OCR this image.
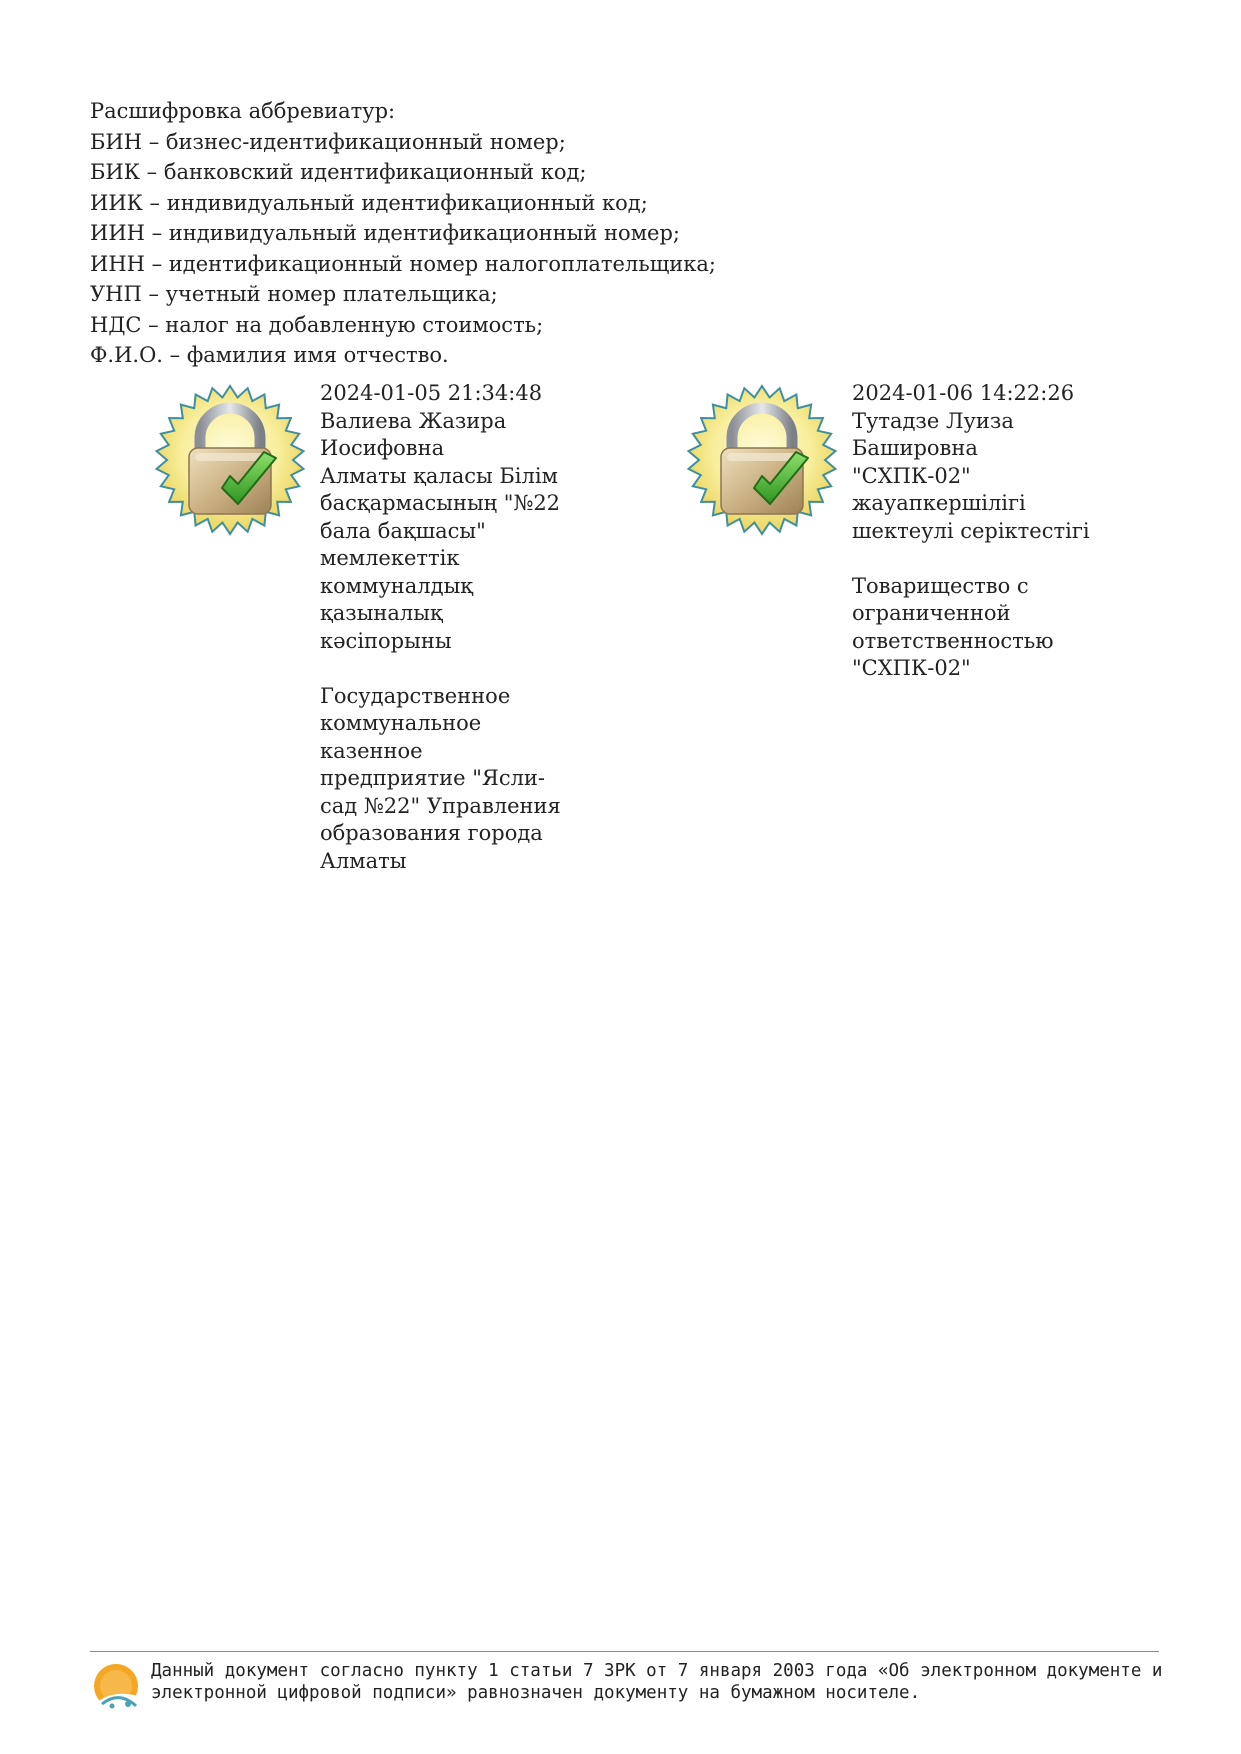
Расшифровка аббревиатур:
БИН – бизнес-идентификационный номер;
БИК – банковский идентификационный код;
ИИК – индивидуальный идентификационный код;
ИИН – индивидуальный идентификационный номер;
ИНН – идентификационный номер налогоплательщика;
УНП – учетный номер плательщика;
НДС – налог на добавленную стоимость;
Ф.И.О. – фамилия имя отчество.
2024-01-05 21:34:48
Валиева Жазира
Иосифовна
Алматы қаласы Білім
басқармасының "№22
бала бақшасы"
мемлекеттік
коммуналдық
қазыналық
кәсіпорыны
Государственное
коммунальное
казенное
предприятие "Ясли-
сад №22" Управления
образования города
Алматы
2024-01-06 14:22:26
Тутадзе Луиза
Башировна
"СХПК-02"
жауапкершілігі
шектеулі серіктестігі
Товарищество с
ограниченной
ответственностью
"СХПК-02"
Данный документ согласно пункту 1 статьи 7 ЗРК от 7 января 2003 года «Об электронном документе и
электронной цифровой подписи» равнозначен документу на бумажном носителе.
